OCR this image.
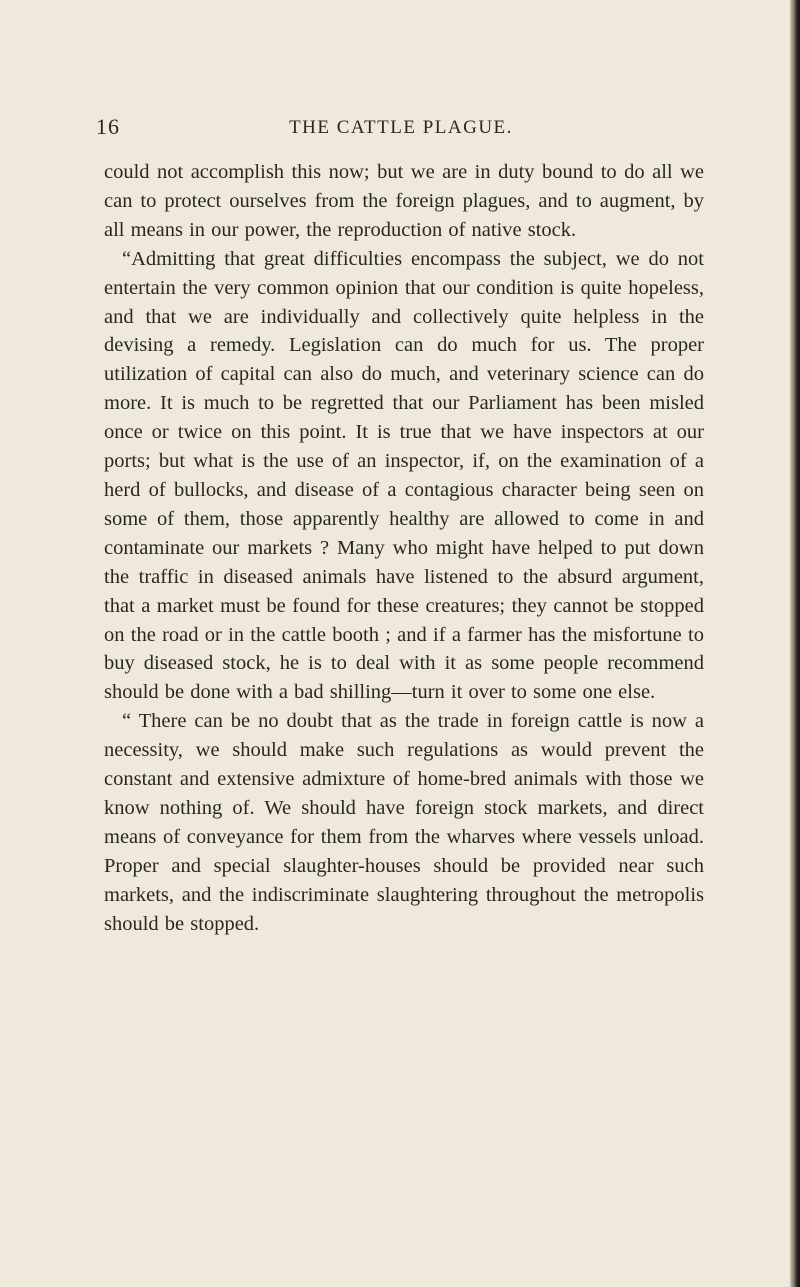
16	THE CATTLE PLAGUE.

could not accomplish this now; but we are in duty bound to do all we can to protect ourselves from the foreign plagues, and to augment, by all means in our power, the reproduction of native stock.

“Admitting that great difficulties encompass the subject, we do not entertain the very common opinion that our condition is quite hopeless, and that we are individually and collectively quite helpless in the devising a remedy. Legislation can do much for us. The proper utilization of capital can also do much, and veterinary science can do more. It is much to be regretted that our Parliament has been misled once or twice on this point. It is true that we have inspectors at our ports; but what is the use of an inspector, if, on the examination of a herd of bullocks, and disease of a contagious character being seen on some of them, those apparently healthy are allowed to come in and contaminate our markets ? Many who might have helped to put down the traffic in diseased animals have listened to the absurd argument, that a market must be found for these creatures; they cannot be stopped on the road or in the cattle booth ; and if a farmer has the misfortune to buy diseased stock, he is to deal with it as some people recommend should be done with a bad shilling—turn it over to some one else.

“ There can be no doubt that as the trade in foreign cattle is now a necessity, we should make such regulations as would prevent the constant and extensive admixture of home-bred animals with those we know nothing of. We should have foreign stock markets, and direct means of conveyance for them from the wharves where vessels unload. Proper and special slaughter-houses should be provided near such markets, and the indiscriminate slaughtering throughout the metropolis should be stopped.
